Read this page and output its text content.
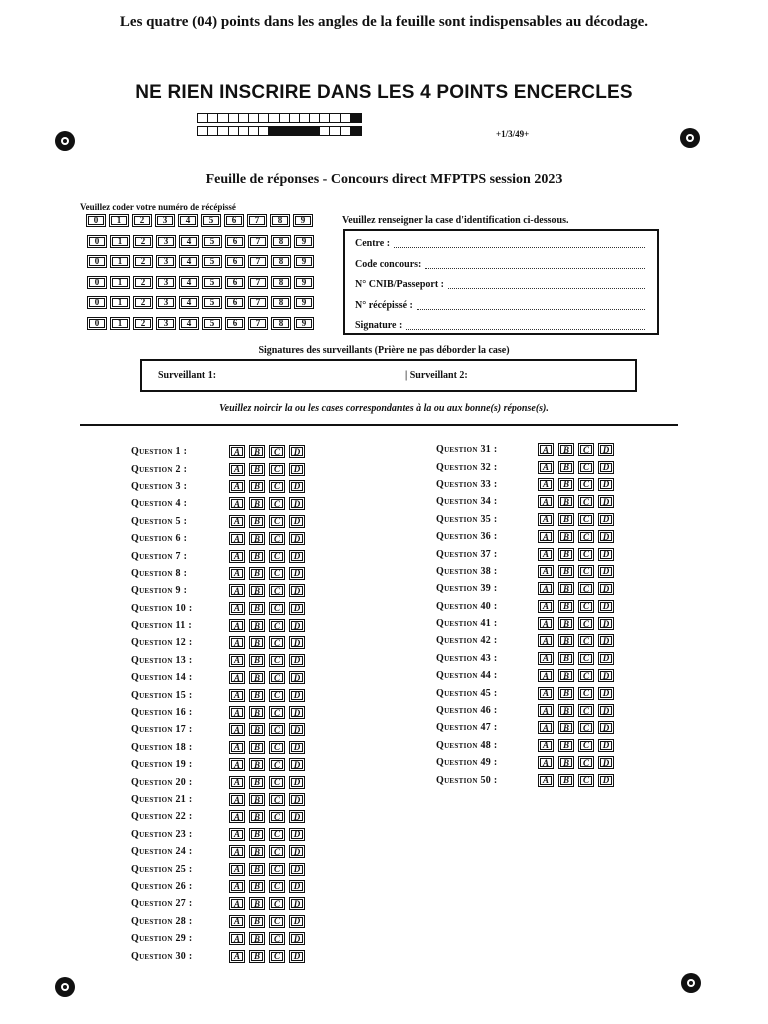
Les quatre (04) points dans les angles de la feuille sont indispensables au décodage.
NE RIEN INSCRIRE DANS LES 4 POINTS ENCERCLES
+1/3/49+
Feuille de réponses - Concours direct MFPTPS session 2023
Veuillez coder votre numéro de récépissé
0	1	2	3	4	5	6	7	8	9
0	1	2	3	4	5	6	7	8	9
0	1	2	3	4	5	6	7	8	9
0	1	2	3	4	5	6	7	8	9
0	1	2	3	4	5	6	7	8	9
0	1	2	3	4	5	6	7	8	9
Veuillez renseigner la case d'identification ci-dessous.
Centre :
Code concours:
N° CNIB/Passeport :
N° récépissé :
Signature :
Signatures des surveillants (Prière ne pas déborder la case)
Surveillant 1:	| Surveillant 2:
Veuillez noircir la ou les cases correspondantes à la ou aux bonne(s) réponse(s).
Question 1 :	A	B	C	D
Question 2 :	A	B	C	D
Question 3 :	A	B	C	D
Question 4 :	A	B	C	D
Question 5 :	A	B	C	D
Question 6 :	A	B	C	D
Question 7 :	A	B	C	D
Question 8 :	A	B	C	D
Question 9 :	A	B	C	D
Question 10 :	A	B	C	D
Question 11 :	A	B	C	D
Question 12 :	A	B	C	D
Question 13 :	A	B	C	D
Question 14 :	A	B	C	D
Question 15 :	A	B	C	D
Question 16 :	A	B	C	D
Question 17 :	A	B	C	D
Question 18 :	A	B	C	D
Question 19 :	A	B	C	D
Question 20 :	A	B	C	D
Question 21 :	A	B	C	D
Question 22 :	A	B	C	D
Question 23 :	A	B	C	D
Question 24 :	A	B	C	D
Question 25 :	A	B	C	D
Question 26 :	A	B	C	D
Question 27 :	A	B	C	D
Question 28 :	A	B	C	D
Question 29 :	A	B	C	D
Question 30 :	A	B	C	D
Question 31 :	A	B	C	D
Question 32 :	A	B	C	D
Question 33 :	A	B	C	D
Question 34 :	A	B	C	D
Question 35 :	A	B	C	D
Question 36 :	A	B	C	D
Question 37 :	A	B	C	D
Question 38 :	A	B	C	D
Question 39 :	A	B	C	D
Question 40 :	A	B	C	D
Question 41 :	A	B	C	D
Question 42 :	A	B	C	D
Question 43 :	A	B	C	D
Question 44 :	A	B	C	D
Question 45 :	A	B	C	D
Question 46 :	A	B	C	D
Question 47 :	A	B	C	D
Question 48 :	A	B	C	D
Question 49 :	A	B	C	D
Question 50 :	A	B	C	D
